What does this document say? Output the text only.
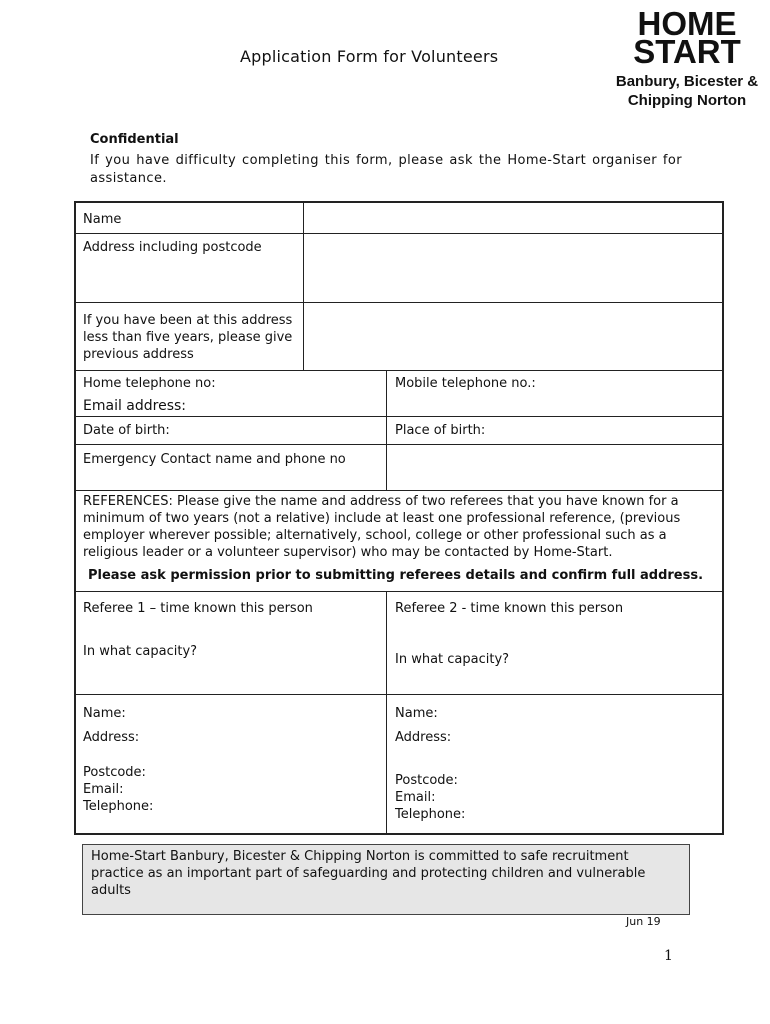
Application Form for Volunteers
HOME
START
Banbury, Bicester &
Chipping Norton
Confidential
If you have difficulty completing this form, please ask the Home-Start organiser for assistance.
Name
Address including postcode
If you have been at this address less than five years, please give previous address
Home telephone no:
Email address:
Mobile telephone no.:
Date of birth:	Place of birth:
Emergency Contact name and phone no
REFERENCES: Please give the name and address of two referees that you have known for a minimum of two years (not a relative) include at least one professional reference, (previous employer wherever possible; alternatively, school, college or other professional such as a religious leader or a volunteer supervisor) who may be contacted by Home-Start.
Please ask permission prior to submitting referees details and confirm full address.
Referee 1 – time known this person
In what capacity?
Referee 2 - time known this person
In what capacity?
Name:
Address:
Postcode:
Email:
Telephone:
Name:
Address:
Postcode:
Email:
Telephone:
Home-Start Banbury, Bicester & Chipping Norton is committed to safe recruitment practice as an important part of safeguarding and protecting children and vulnerable adults
Jun 19
1
